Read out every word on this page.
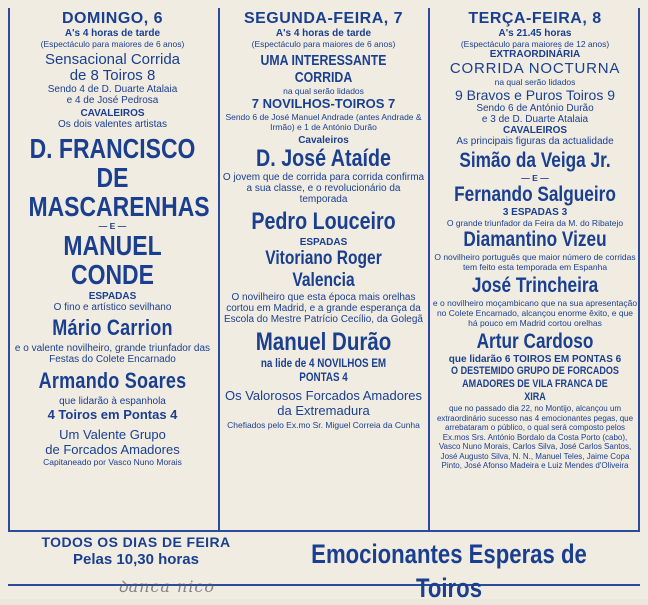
DOMINGO, 6
A's 4 horas de tarde
(Espectáculo para maiores de 6 anos)
Sensacional Corrida
de 8 Toiros 8
Sendo 4 de D. Duarte Atalaia
e 4 de José Pedrosa
CAVALEIROS
Os dois valentes artistas
D. FRANCISCO
DE MASCARENHAS
— E —
MANUEL CONDE
ESPADAS
O fino e artístico sevilhano
Mário Carrion
e o valente novilheiro, grande triunfador das Festas do Colete Encarnado
Armando Soares
que lidarão à espanhola
4 Toiros em Pontas 4
Um Valente Grupo
de Forcados Amadores
Capitaneado por Vasco Nuno Morais
SEGUNDA-FEIRA, 7
A's 4 horas de tarde
(Espectáculo para maiores de 6 anos)
UMA INTERESSANTE CORRIDA
na qual serão lidados
7 NOVILHOS-TOIROS 7
Sendo 6 de José Manuel Andrade (antes Andrade & Irmão) e 1 de António Durão
Cavaleiros
D. José Ataíde
O jovem que de corrida para corrida confirma a sua classe, e o revolucionário da temporada
Pedro Louceiro
ESPADAS
Vitoriano Roger Valencia
O novilheiro que esta época mais orelhas cortou em Madrid, e a grande esperança da Escola do Mestre Patrício Cecílio, da Golegã
Manuel Durão
na lide de 4 NOVILHOS EM PONTAS 4
Os Valorosos Forcados Amadores
da Extremadura
Chefiados pelo Ex.mo Sr. Miguel Correia da Cunha
TERÇA-FEIRA, 8
A's 21.45 horas
(Espectáculo para maiores de 12 anos)
EXTRAORDINÁRIA
CORRIDA NOCTURNA
na qual serão lidados
9 Bravos e Puros Toiros 9
Sendo 6 de António Durão
e 3 de D. Duarte Atalaia
CAVALEIROS
As principais figuras da actualidade
Simão da Veiga Jr.
— E —
Fernando Salgueiro
3 ESPADAS 3
O grande triunfador da Feira da M. do Ribatejo
Diamantino Vizeu
O novilheiro português que maior número de corridas tem feito esta temporada em Espanha
José Trincheira
e o novilheiro moçambicano que na sua apresentação no Colete Encarnado, alcançou enorme êxito, e que há pouco em Madrid cortou orelhas
Artur Cardoso
que lidarão 6 TOIROS EM PONTAS 6
O DESTEMIDO GRUPO DE FORCADOS
AMADORES DE VILA FRANCA DE XIRA
que no passado dia 22, no Montijo, alcançou um extraordinário sucesso nas 4 emocionantes pegas, que arrebataram o público, o qual será composto pelos Ex.mos Srs. António Bordalo da Costa Porto (cabo), Vasco Nuno Morais, Carlos Silva, José Carlos Santos, José Augusto Silva, N. N., Manuel Teles, Jaime Copa Pinto, José Afonso Madeira e Luiz Mendes d'Oliveira
TODOS OS DIAS DE FEIRA
Pelas 10,30 horas	Emocionantes Esperas de Toiros
ꝺanca nico
